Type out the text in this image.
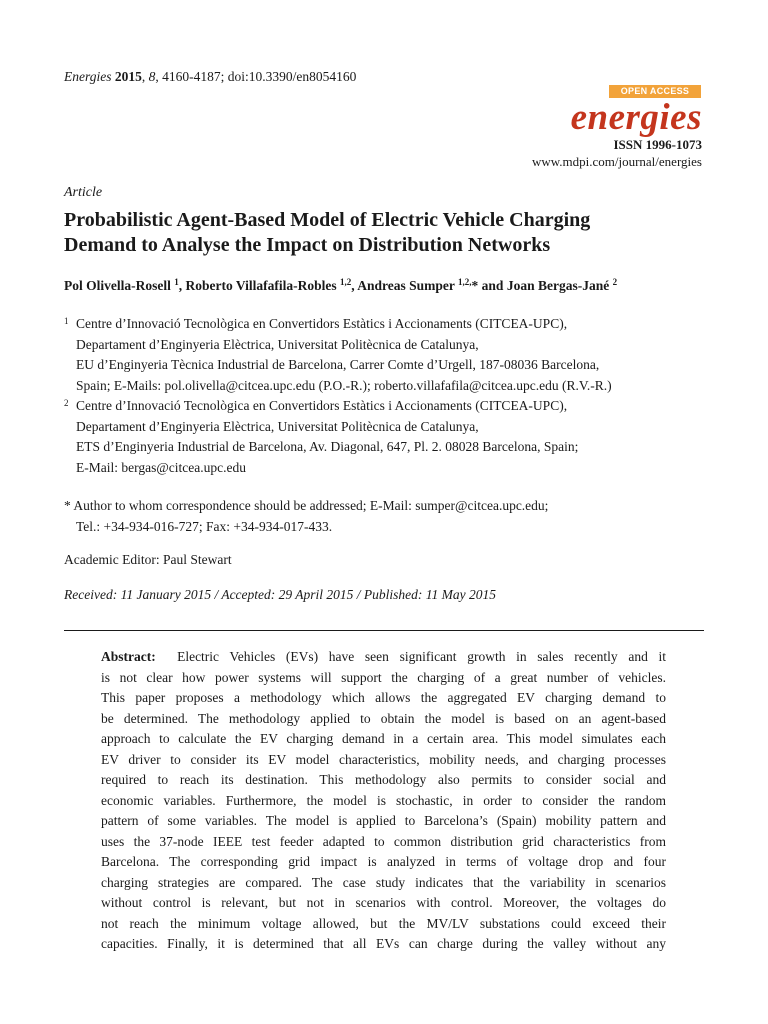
Energies 2015, 8, 4160-4187; doi:10.3390/en8054160
OPEN ACCESS
energies
ISSN 1996-1073
www.mdpi.com/journal/energies
Article
Probabilistic Agent-Based Model of Electric Vehicle Charging
Demand to Analyse the Impact on Distribution Networks
Pol Olivella-Rosell $^1$, Roberto Villafafila-Robles $^{1,2}$, Andreas Sumper $^{1,2,}$* and Joan Bergas-Jané $^2$
1 Centre d’Innovació Tecnològica en Convertidors Estàtics i Accionaments (CITCEA-UPC),
Departament d’Enginyeria Elèctrica, Universitat Politècnica de Catalunya,
EU d’Enginyeria Tècnica Industrial de Barcelona, Carrer Comte d’Urgell, 187-08036 Barcelona,
Spain; E-Mails: pol.olivella@citcea.upc.edu (P.O.-R.); roberto.villafafila@citcea.upc.edu (R.V.-R.)
2 Centre d’Innovació Tecnològica en Convertidors Estàtics i Accionaments (CITCEA-UPC),
Departament d’Enginyeria Elèctrica, Universitat Politècnica de Catalunya,
ETS d’Enginyeria Industrial de Barcelona, Av. Diagonal, 647, Pl. 2. 08028 Barcelona, Spain;
E-Mail: bergas@citcea.upc.edu
* Author to whom correspondence should be addressed; E-Mail: sumper@citcea.upc.edu;
Tel.: +34-934-016-727; Fax: +34-934-017-433.
Academic Editor: Paul Stewart
Received: 11 January 2015 / Accepted: 29 April 2015 / Published: 11 May 2015
Abstract: Electric Vehicles (EVs) have seen significant growth in sales recently and it
is not clear how power systems will support the charging of a great number of vehicles.
This paper proposes a methodology which allows the aggregated EV charging demand to
be determined. The methodology applied to obtain the model is based on an agent-based
approach to calculate the EV charging demand in a certain area. This model simulates each
EV driver to consider its EV model characteristics, mobility needs, and charging processes
required to reach its destination. This methodology also permits to consider social and
economic variables. Furthermore, the model is stochastic, in order to consider the random
pattern of some variables. The model is applied to Barcelona’s (Spain) mobility pattern and
uses the 37-node IEEE test feeder adapted to common distribution grid characteristics from
Barcelona. The corresponding grid impact is analyzed in terms of voltage drop and four
charging strategies are compared. The case study indicates that the variability in scenarios
without control is relevant, but not in scenarios with control. Moreover, the voltages do
not reach the minimum voltage allowed, but the MV/LV substations could exceed their
capacities. Finally, it is determined that all EVs can charge during the valley without any
